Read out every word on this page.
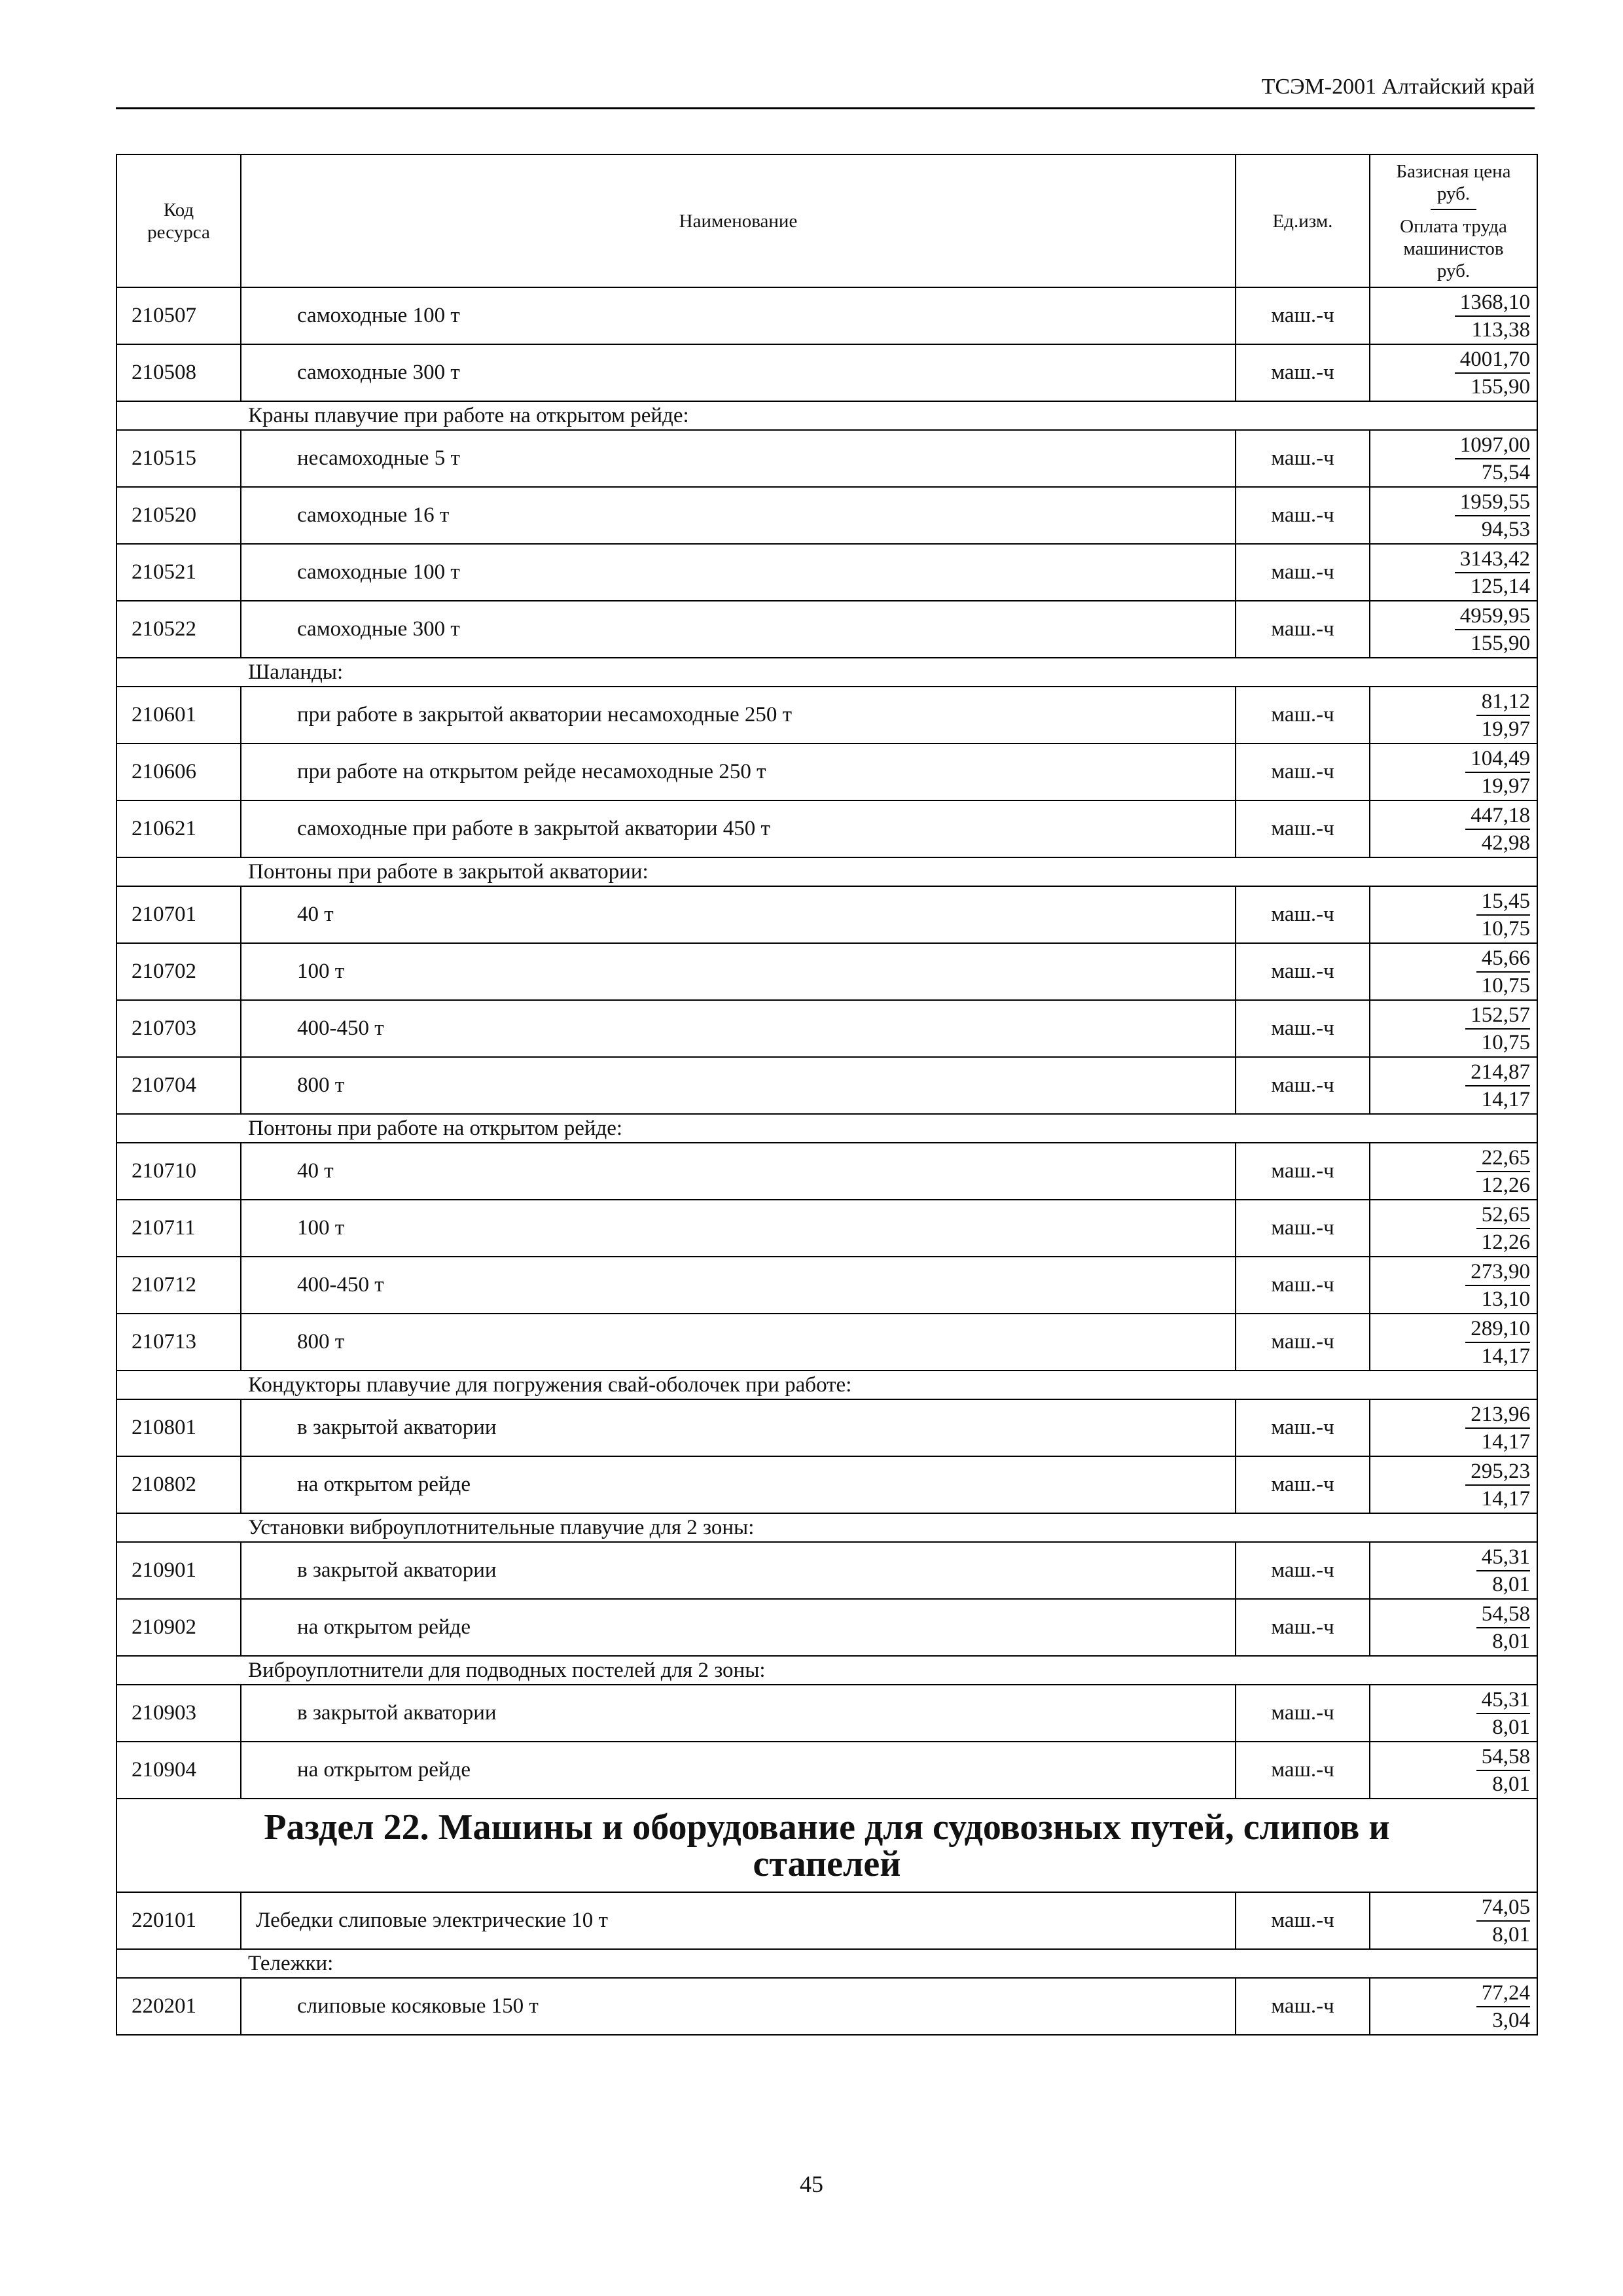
ТСЭМ-2001 Алтайский край
Код
ресурса	Наименование	Ед.изм.	Базисная цена
руб.
Оплата труда
машинистов
руб.

210507	самоходные 100 т	маш.-ч	$\frac{1368,10}{113,38}$

210508	самоходные 300 т	маш.-ч	$\frac{4001,70}{155,90}$

Краны плавучие при работе на открытом рейде:			
210515	несамоходные 5 т	маш.-ч	$\frac{1097,00}{75,54}$

210520	самоходные 16 т	маш.-ч	$\frac{1959,55}{94,53}$

210521	самоходные 100 т	маш.-ч	$\frac{3143,42}{125,14}$

210522	самоходные 300 т	маш.-ч	$\frac{4959,95}{155,90}$

Шаланды:			
210601	при работе в закрытой акватории несамоходные 250 т	маш.-ч	$\frac{81,12}{19,97}$

210606	при работе на открытом рейде несамоходные 250 т	маш.-ч	$\frac{104,49}{19,97}$

210621	самоходные при работе в закрытой акватории 450 т	маш.-ч	$\frac{447,18}{42,98}$

Понтоны при работе в закрытой акватории:			
210701	40 т	маш.-ч	$\frac{15,45}{10,75}$

210702	100 т	маш.-ч	$\frac{45,66}{10,75}$

210703	400-450 т	маш.-ч	$\frac{152,57}{10,75}$

210704	800 т	маш.-ч	$\frac{214,87}{14,17}$

Понтоны при работе на открытом рейде:			
210710	40 т	маш.-ч	$\frac{22,65}{12,26}$

210711	100 т	маш.-ч	$\frac{52,65}{12,26}$

210712	400-450 т	маш.-ч	$\frac{273,90}{13,10}$

210713	800 т	маш.-ч	$\frac{289,10}{14,17}$

Кондукторы плавучие для погружения свай-оболочек при работе:			
210801	в закрытой акватории	маш.-ч	$\frac{213,96}{14,17}$

210802	на открытом рейде	маш.-ч	$\frac{295,23}{14,17}$

Установки виброуплотнительные плавучие для 2 зоны:			
210901	в закрытой акватории	маш.-ч	$\frac{45,31}{8,01}$

210902	на открытом рейде	маш.-ч	$\frac{54,58}{8,01}$

Виброуплотнители для подводных постелей для 2 зоны:			
210903	в закрытой акватории	маш.-ч	$\frac{45,31}{8,01}$

210904	на открытом рейде	маш.-ч	$\frac{54,58}{8,01}$

Раздел 22. Машины и оборудование для судовозных путей, слипов и
стапелей			
220101	Лебедки слиповые электрические 10 т	маш.-ч	$\frac{74,05}{8,01}$

Тележки:			
220201	слиповые косяковые 150 т	маш.-ч	$\frac{77,24}{3,04}$
45
